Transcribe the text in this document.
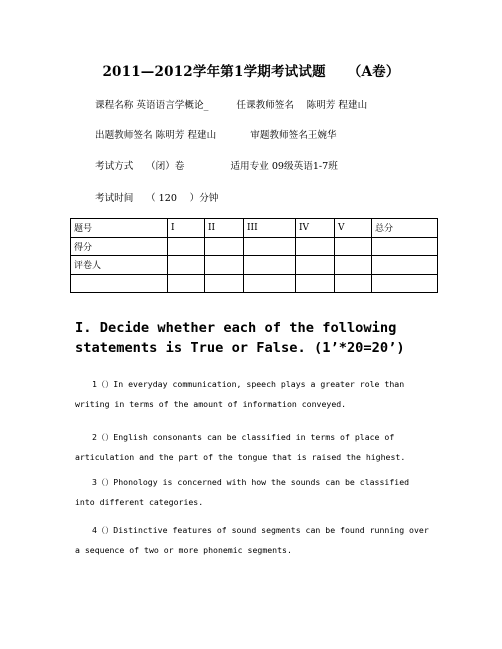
2011—2012学年第1学期考试试题 （A卷）
课程名称 英语语言学概论_	任课教师签名　 陈明芳 程建山
出题教师签名 陈明芳 程建山	审题教师签名王婉华
考试方式　 （闭）卷	适用专业 09级英语1-7班
考试时间　 （ 120　 ）分钟
题号	I	II	III	IV	V	总分
得分						
评卷人						

I. Decide whether each of the following statements is True or False. (1’*20=20’)
1（）In everyday communication, speech plays a greater role than writing in terms of the amount of information conveyed.
2（）English consonants can be classified in terms of place of articulation and the part of the tongue that is raised the highest.
3（）Phonology is concerned with how the sounds can be classified into different categories.
4（）Distinctive features of sound segments can be found running over a sequence of two or more phonemic segments.
